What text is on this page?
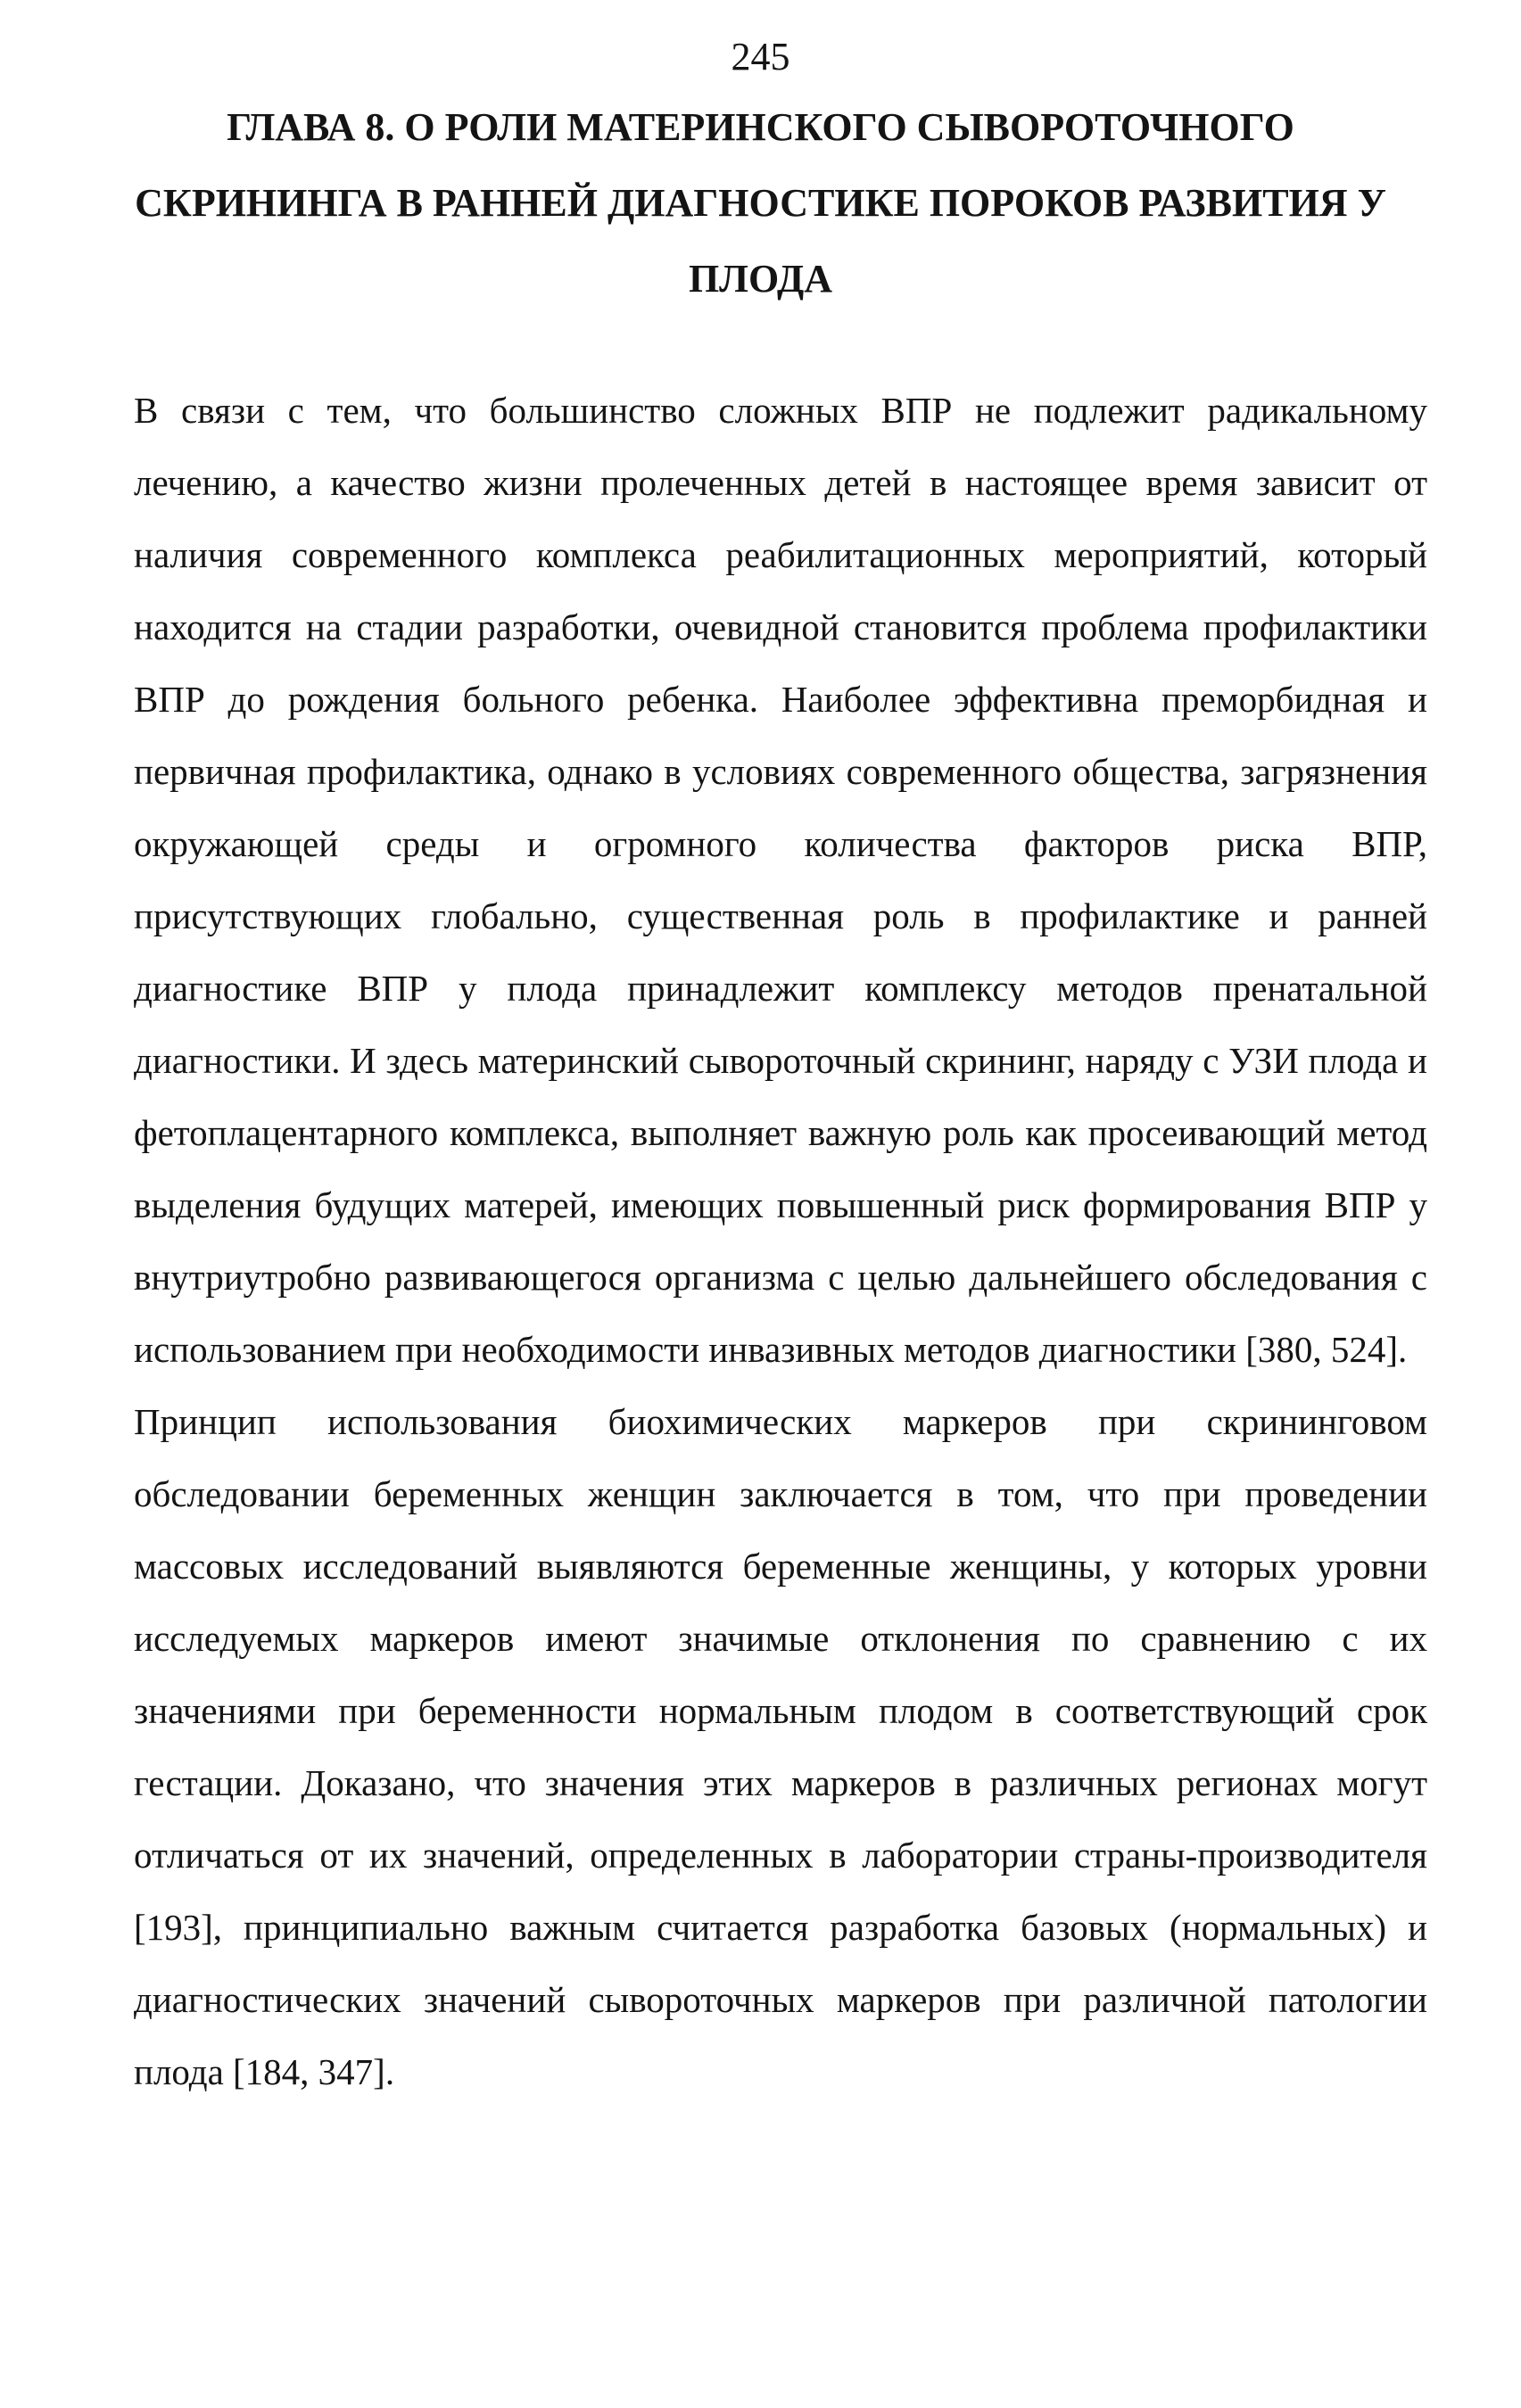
245
ГЛАВА 8. О РОЛИ МАТЕРИНСКОГО СЫВОРОТОЧНОГО СКРИНИНГА В РАННЕЙ ДИАГНОСТИКЕ ПОРОКОВ РАЗВИТИЯ У ПЛОДА

В связи с тем, что большинство сложных ВПР не подлежит радикальному лечению, а качество жизни пролеченных детей в настоящее время зависит от наличия современного комплекса реабилитационных мероприятий, который находится на стадии разработки, очевидной становится проблема профилактики ВПР до рождения больного ребенка. Наиболее эффективна преморбидная и первичная профилактика, однако в условиях современного общества, загрязнения окружающей среды и огромного количества факторов риска ВПР, присутствующих глобально, существенная роль в профилактике и ранней диагностике ВПР у плода принадлежит комплексу методов пренатальной диагностики. И здесь материнский сывороточный скрининг, наряду с УЗИ плода и фетоплацентарного комплекса, выполняет важную роль как просеивающий метод выделения будущих матерей, имеющих повышенный риск формирования ВПР у внутриутробно развивающегося организма с целью дальнейшего обследования с использованием при необходимости инвазивных методов диагностики [380, 524].

Принцип использования биохимических маркеров при скрининговом обследовании беременных женщин заключается в том, что при проведении массовых исследований выявляются беременные женщины, у которых уровни исследуемых маркеров имеют значимые отклонения по сравнению с их значениями при беременности нормальным плодом в соответствующий срок гестации. Доказано, что значения этих маркеров в различных регионах могут отличаться от их значений, определенных в лаборатории страны-производителя [193], принципиально важным считается разработка базовых (нормальных) и диагностических значений сывороточных маркеров при различной патологии плода [184, 347].
